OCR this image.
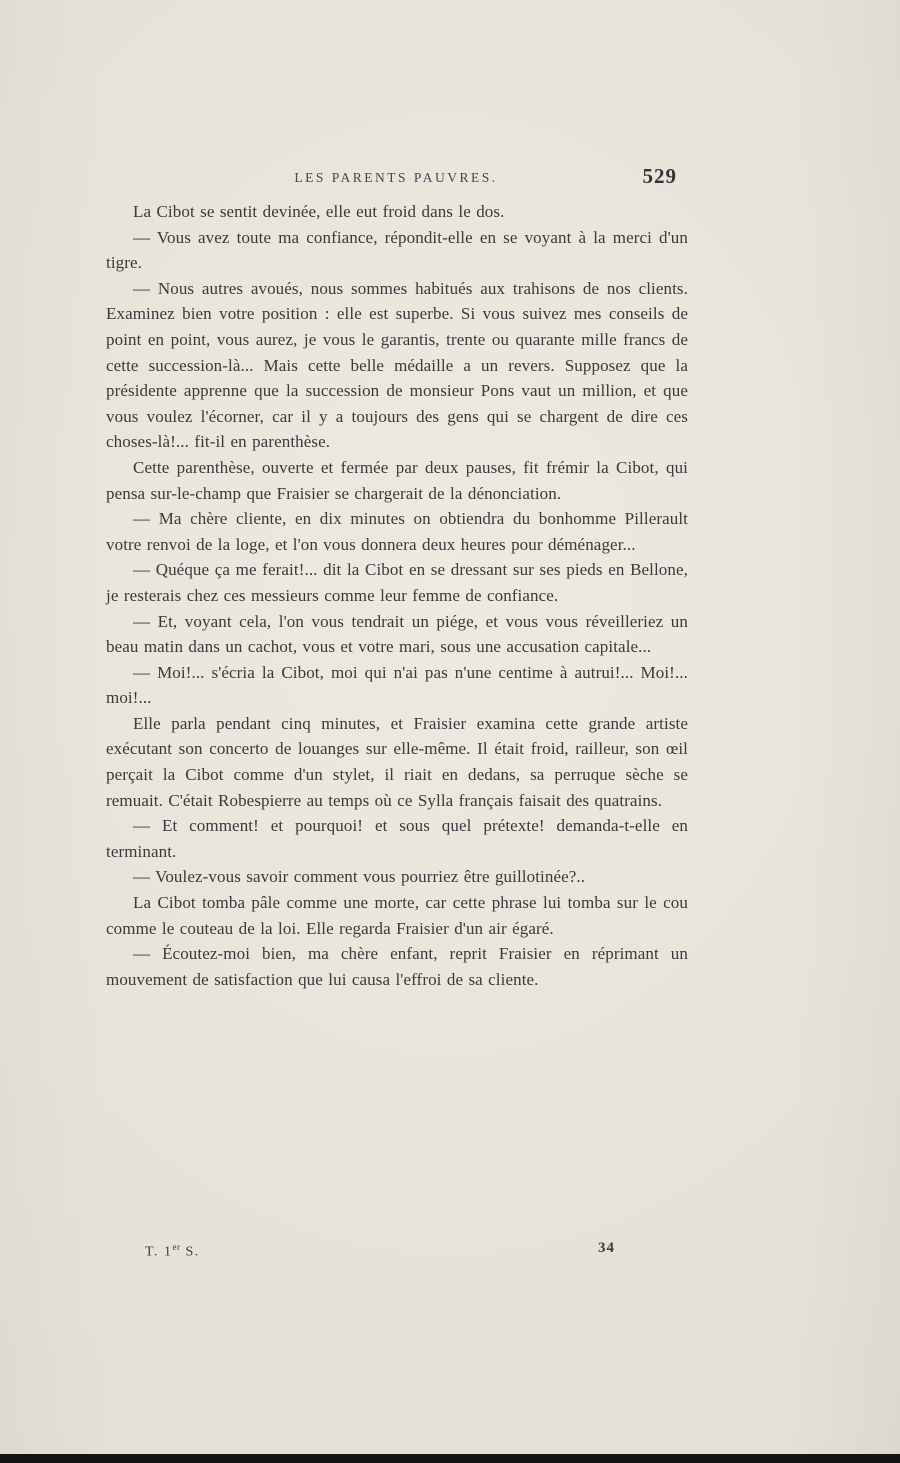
LES PARENTS PAUVRES.	529

La Cibot se sentit devinée, elle eut froid dans le dos.

— Vous avez toute ma confiance, répondit-elle en se voyant à la merci d'un tigre.

— Nous autres avoués, nous sommes habitués aux trahisons de nos clients. Examinez bien votre position : elle est superbe. Si vous suivez mes conseils de point en point, vous aurez, je vous le garantis, trente ou quarante mille francs de cette succession-là... Mais cette belle médaille a un revers. Supposez que la présidente apprenne que la succession de monsieur Pons vaut un million, et que vous voulez l'écorner, car il y a toujours des gens qui se chargent de dire ces choses-là!... fit-il en parenthèse.

Cette parenthèse, ouverte et fermée par deux pauses, fit frémir la Cibot, qui pensa sur-le-champ que Fraisier se chargerait de la dénonciation.

— Ma chère cliente, en dix minutes on obtiendra du bonhomme Pillerault votre renvoi de la loge, et l'on vous donnera deux heures pour déménager...

— Quéque ça me ferait!... dit la Cibot en se dressant sur ses pieds en Bellone, je resterais chez ces messieurs comme leur femme de confiance.

— Et, voyant cela, l'on vous tendrait un piége, et vous vous réveilleriez un beau matin dans un cachot, vous et votre mari, sous une accusation capitale...

— Moi!... s'écria la Cibot, moi qui n'ai pas n'une centime à autrui!... Moi!... moi!...

Elle parla pendant cinq minutes, et Fraisier examina cette grande artiste exécutant son concerto de louanges sur elle-même. Il était froid, railleur, son œil perçait la Cibot comme d'un stylet, il riait en dedans, sa perruque sèche se remuait. C'était Robespierre au temps où ce Sylla français faisait des quatrains.

— Et comment! et pourquoi! et sous quel prétexte! demanda-t-elle en terminant.

— Voulez-vous savoir comment vous pourriez être guillotinée?..

La Cibot tomba pâle comme une morte, car cette phrase lui tomba sur le cou comme le couteau de la loi. Elle regarda Fraisier d'un air égaré.

— Écoutez-moi bien, ma chère enfant, reprit Fraisier en réprimant un mouvement de satisfaction que lui causa l'effroi de sa cliente.

T. 1er S.	34
